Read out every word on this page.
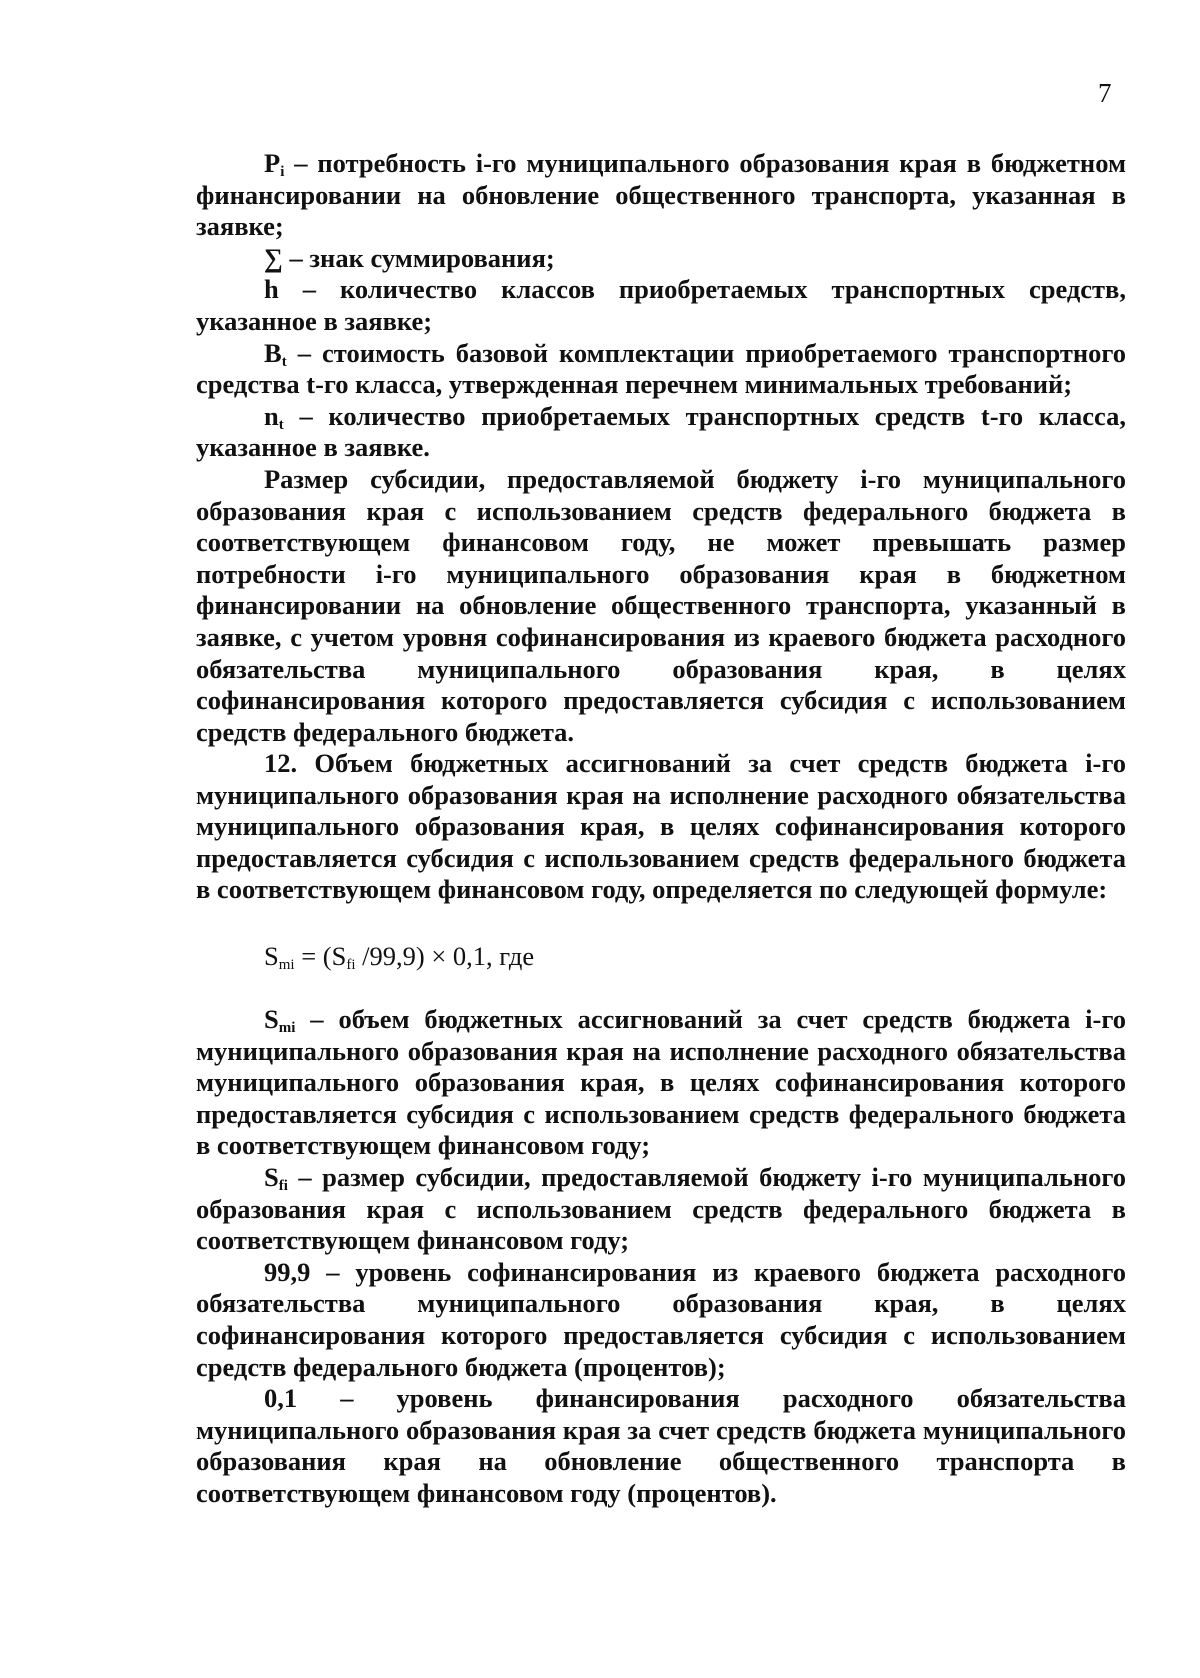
7

$P_i$ – потребность i-го муниципального образования края в бюджетном финансировании на обновление общественного транспорта, указанная в заявке;

∑ – знак суммирования;

h – количество классов приобретаемых транспортных средств, указанное в заявке;

$B_t$ – стоимость базовой комплектации приобретаемого транспортного средства t-го класса, утвержденная перечнем минимальных требований;

$n_t$ – количество приобретаемых транспортных средств t-го класса, указанное в заявке.

Размер субсидии, предоставляемой бюджету i-го муниципального образования края с использованием средств федерального бюджета в соответствующем финансовом году, не может превышать размер потребности i-го муниципального образования края в бюджетном финансировании на обновление общественного транспорта, указанный в заявке, с учетом уровня софинансирования из краевого бюджета расходного обязательства муниципального образования края, в целях софинансирования которого предоставляется субсидия с использованием средств федерального бюджета.

12. Объем бюджетных ассигнований за счет средств бюджета i-го муниципального образования края на исполнение расходного обязательства муниципального образования края, в целях софинансирования которого предоставляется субсидия с использованием средств федерального бюджета в соответствующем финансовом году, определяется по следующей формуле:

$S_{mi} = (S_{fi}$ /99,9) × 0,1, где

$S_{mi}$ – объем бюджетных ассигнований за счет средств бюджета i-го муниципального образования края на исполнение расходного обязательства муниципального образования края, в целях софинансирования которого предоставляется субсидия с использованием средств федерального бюджета в соответствующем финансовом году;

$S_{fi}$ – размер субсидии, предоставляемой бюджету i-го муниципального образования края с использованием средств федерального бюджета в соответствующем финансовом году;

99,9 – уровень софинансирования из краевого бюджета расходного обязательства муниципального образования края, в целях софинансирования которого предоставляется субсидия с использованием средств федерального бюджета (процентов);

0,1 – уровень финансирования расходного обязательства муниципального образования края за счет средств бюджета муниципального образования края на обновление общественного транспорта в соответствующем финансовом году (процентов).
